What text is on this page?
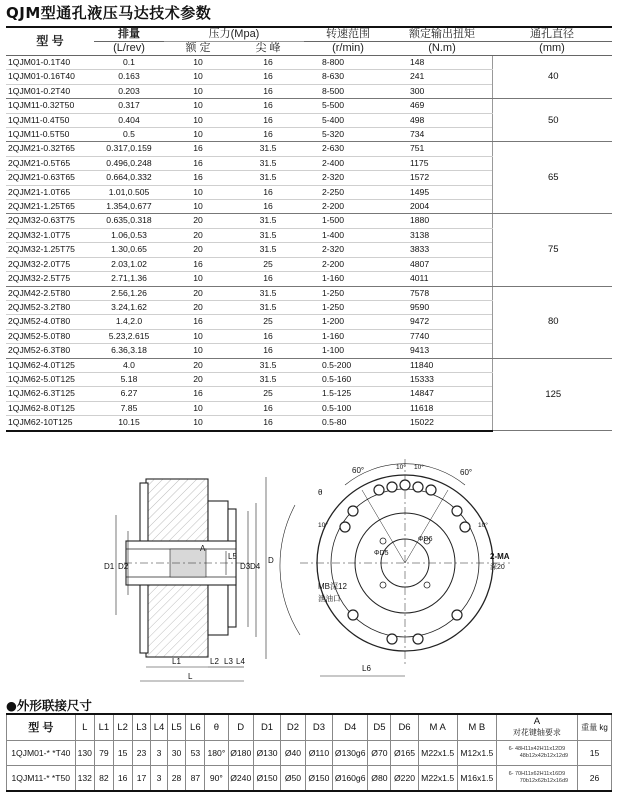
QJM型通孔液压马达技术参数
型 号	排量	压力(Mpa)		转速范围	额定输出扭矩	通孔直径
	(L/rev)	额 定	尖 峰	(r/min)	(N.m)	(mm)
1QJM01-0.1T40	0.1	10	16	8-800	148	40
1QJM01-0.16T40	0.163	10	16	8-630	241	
1QJM01-0.2T40	0.203	10	16	8-500	300	
1QJM11-0.32T50	0.317	10	16	5-500	469	50
1QJM11-0.4T50	0.404	10	16	5-400	498	
1QJM11-0.5T50	0.5	10	16	5-320	734	
2QJM21-0.32T65	0.317,0.159	16	31.5	2-630	751	65
2QJM21-0.5T65	0.496,0.248	16	31.5	2-400	1175	
2QJM21-0.63T65	0.664,0.332	16	31.5	2-320	1572	
2QJM21-1.0T65	1.01,0.505	10	16	2-250	1495	
2QJM21-1.25T65	1.354,0.677	10	16	2-200	2004	
2QJM32-0.63T75	0.635,0.318	20	31.5	1-500	1880	75
2QJM32-1.0T75	1.06,0.53	20	31.5	1-400	3138	
2QJM32-1.25T75	1.30,0.65	20	31.5	2-320	3833	
2QJM32-2.0T75	2.03,1.02	16	25	2-200	4807	
2QJM32-2.5T75	2.71,1.36	10	16	1-160	4011	
2QJM42-2.5T80	2.56,1.26	20	31.5	1-250	7578	80
2QJM52-3.2T80	3.24,1.62	20	31.5	1-250	9590	
2QJM52-4.0T80	1.4,2.0	16	25	1-200	9472	
2QJM52-5.0T80	5.23,2.615	10	16	1-160	7740	
2QJM52-6.3T80	6.36,3.18	10	16	1-100	9413	
1QJM62-4.0T125	4.0	20	31.5	0.5-200	11840	125
1QJM62-5.0T125	5.18	20	31.5	0.5-160	15333	
1QJM62-6.3T125	6.27	16	25	1.5-125	14847	
1QJM62-8.0T125	7.85	10	16	0.5-100	11618	
1QJM62-10T125	10.15	10	16	0.5-80	15022	
D1 D2	D3 D4
D
A
L5
L1	L2 L3 L4
L
60°	60°
10° 10°
10°	10°
θ
ΦD6
ΦD5	2-MA
深20
MB深12
泄油口
L6
●外形联接尺寸
型 号	L	L1	L2	L3	L4	L5	L6	θ	D	D1	D2	D3	D4	D5	D6	M A	M B	A
对花键轴要求	重量 kg
1QJM01-* *T40	130	79	15	23	3	30	53	180°	Ø180	Ø130	Ø40	Ø110	Ø130g6	Ø70	Ø165	M22x1.5	M12x1.5	6- 48H11x42H11x12D9
48b12x42b12x12d9	15
1QJM11-* *T50	132	82	16	17	3	28	87	90°	Ø240	Ø150	Ø50	Ø150	Ø160g6	Ø80	Ø220	M22x1.5	M16x1.5	6- 70H11x62H11x16D9
70b12x62b12x16d9	26
